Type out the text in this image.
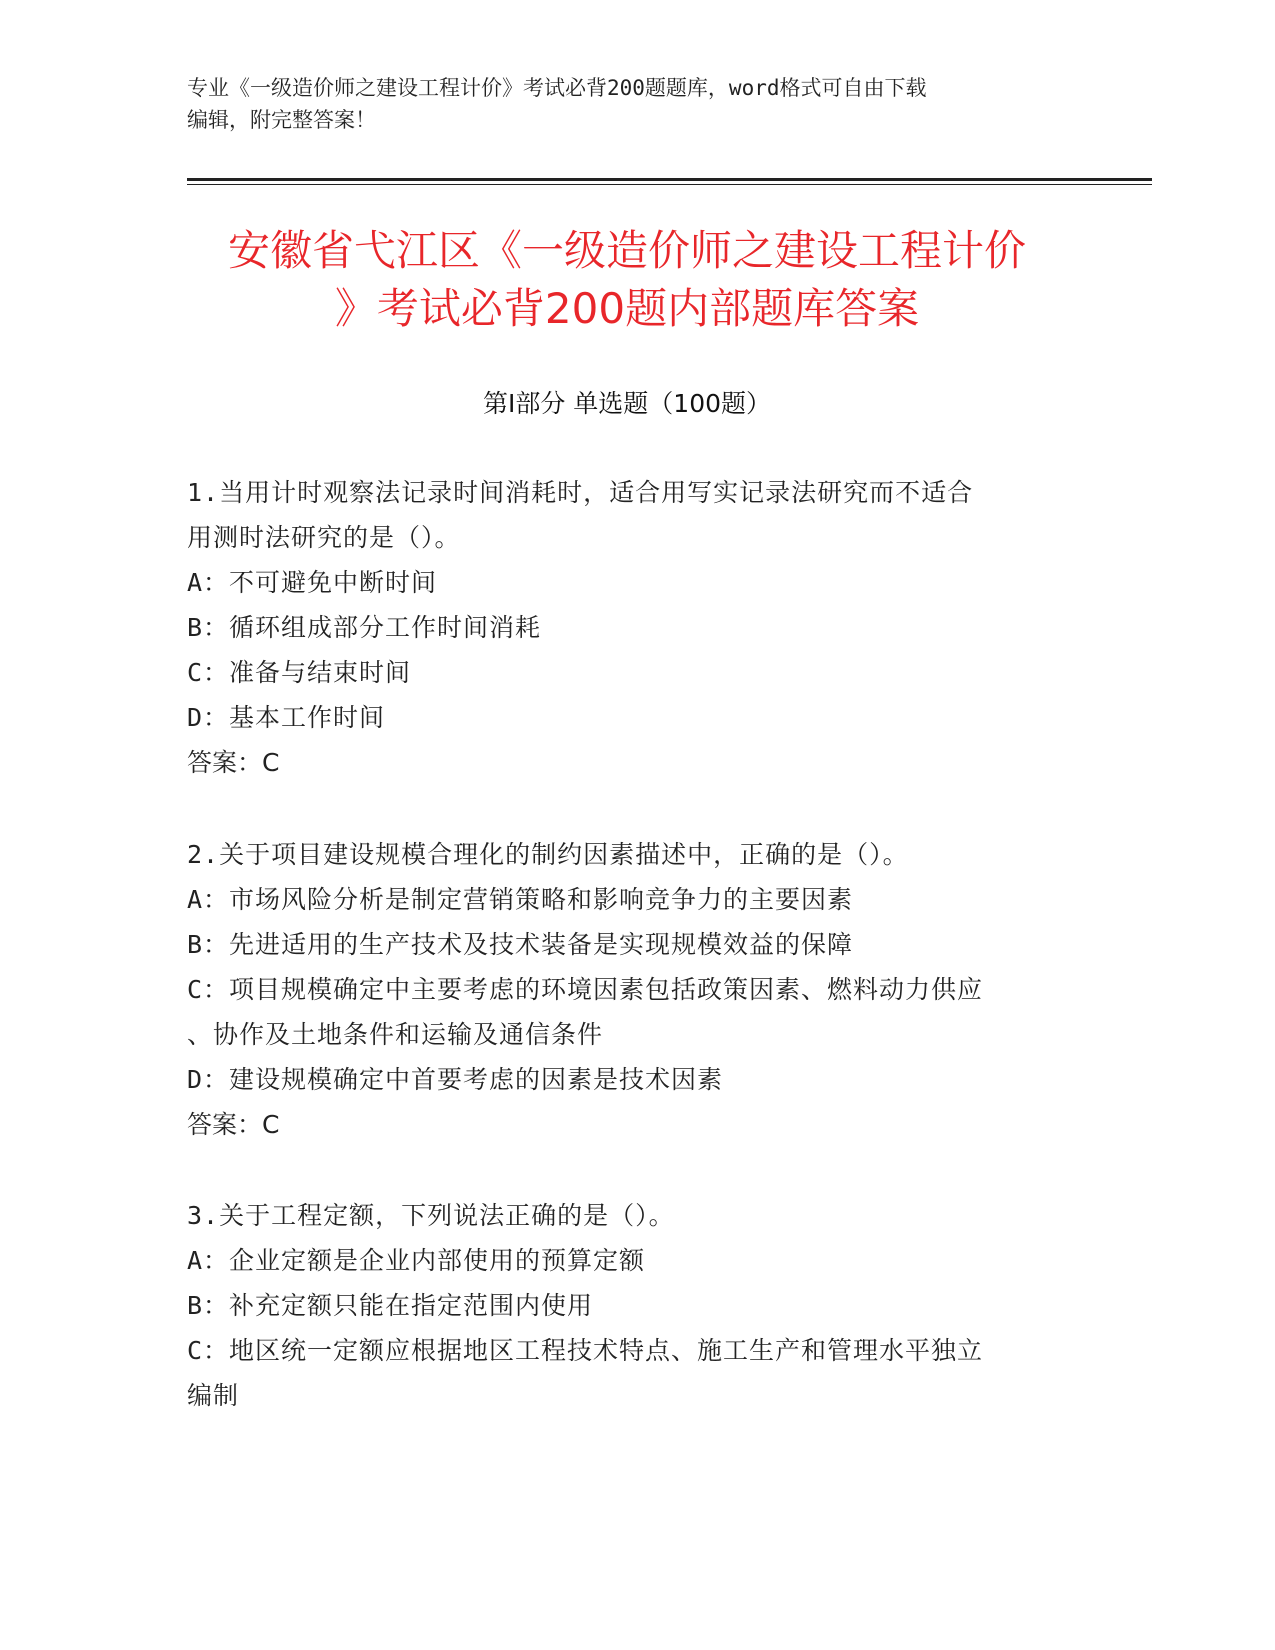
专业《一级造价师之建设工程计价》考试必背200题题库，word格式可自由下载
编辑，附完整答案！
安徽省弋江区《一级造价师之建设工程计价
》考试必背200题内部题库答案
第Ⅰ部分 单选题（100题）
1.当用计时观察法记录时间消耗时，适合用写实记录法研究而不适合
用测时法研究的是（）。
A：不可避免中断时间
B：循环组成部分工作时间消耗
C：准备与结束时间
D：基本工作时间
答案：C
2.关于项目建设规模合理化的制约因素描述中，正确的是（）。
A：市场风险分析是制定营销策略和影响竞争力的主要因素
B：先进适用的生产技术及技术装备是实现规模效益的保障
C：项目规模确定中主要考虑的环境因素包括政策因素、燃料动力供应
、协作及土地条件和运输及通信条件
D：建设规模确定中首要考虑的因素是技术因素
答案：C
3.关于工程定额，下列说法正确的是（）。
A：企业定额是企业内部使用的预算定额
B：补充定额只能在指定范围内使用
C：地区统一定额应根据地区工程技术特点、施工生产和管理水平独立
编制
